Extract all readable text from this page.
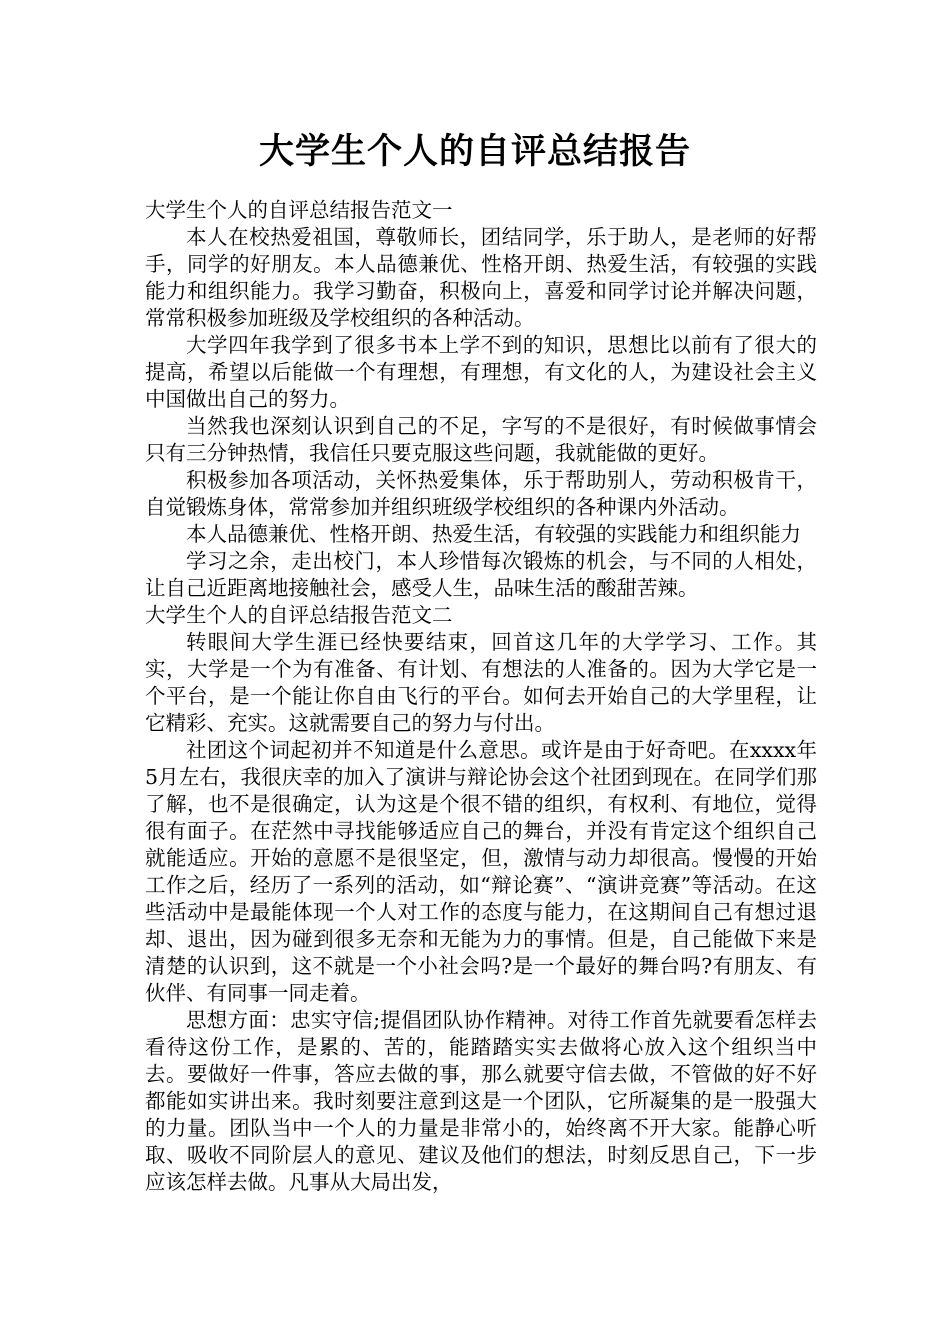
大学生个人的自评总结报告

大学生个人的自评总结报告范文一

本人在校热爱祖国，尊敬师长，团结同学，乐于助人，是老师的好帮手，同学的好朋友。本人品德兼优、性格开朗、热爱生活，有较强的实践能力和组织能力。我学习勤奋，积极向上，喜爱和同学讨论并解决问题，常常积极参加班级及学校组织的各种活动。

大学四年我学到了很多书本上学不到的知识，思想比以前有了很大的提高，希望以后能做一个有理想，有理想，有文化的人，为建设社会主义中国做出自己的努力。

当然我也深刻认识到自己的不足，字写的不是很好，有时候做事情会只有三分钟热情，我信任只要克服这些问题，我就能做的更好。

积极参加各项活动，关怀热爱集体，乐于帮助别人，劳动积极肯干，自觉锻炼身体，常常参加并组织班级学校组织的各种课内外活动。

本人品德兼优、性格开朗、热爱生活，有较强的实践能力和组织能力

学习之余，走出校门，本人珍惜每次锻炼的机会，与不同的人相处，让自己近距离地接触社会，感受人生，品味生活的酸甜苦辣。

大学生个人的自评总结报告范文二

转眼间大学生涯已经快要结束，回首这几年的大学学习、工作。其实，大学是一个为有准备、有计划、有想法的人准备的。因为大学它是一个平台，是一个能让你自由飞行的平台。如何去开始自己的大学里程，让它精彩、充实。这就需要自己的努力与付出。

社团这个词起初并不知道是什么意思。或许是由于好奇吧。在xxxx年5月左右，我很庆幸的加入了演讲与辩论协会这个社团到现在。在同学们那了解，也不是很确定，认为这是个很不错的组织，有权利、有地位，觉得很有面子。在茫然中寻找能够适应自己的舞台，并没有肯定这个组织自己就能适应。开始的意愿不是很坚定，但，激情与动力却很高。慢慢的开始工作之后，经历了一系列的活动，如“辩论赛”、“演讲竞赛”等活动。在这些活动中是最能体现一个人对工作的态度与能力，在这期间自己有想过退却、退出，因为碰到很多无奈和无能为力的事情。但是，自己能做下来是清楚的认识到，这不就是一个小社会吗?是一个最好的舞台吗?有朋友、有伙伴、有同事一同走着。

思想方面：忠实守信;提倡团队协作精神。对待工作首先就要看怎样去看待这份工作，是累的、苦的，能踏踏实实去做将心放入这个组织当中去。要做好一件事，答应去做的事，那么就要守信去做，不管做的好不好都能如实讲出来。我时刻要注意到这是一个团队，它所凝集的是一股强大的力量。团队当中一个人的力量是非常小的，始终离不开大家。能静心听取、吸收不同阶层人的意见、建议及他们的想法，时刻反思自己，下一步应该怎样去做。凡事从大局出发，
